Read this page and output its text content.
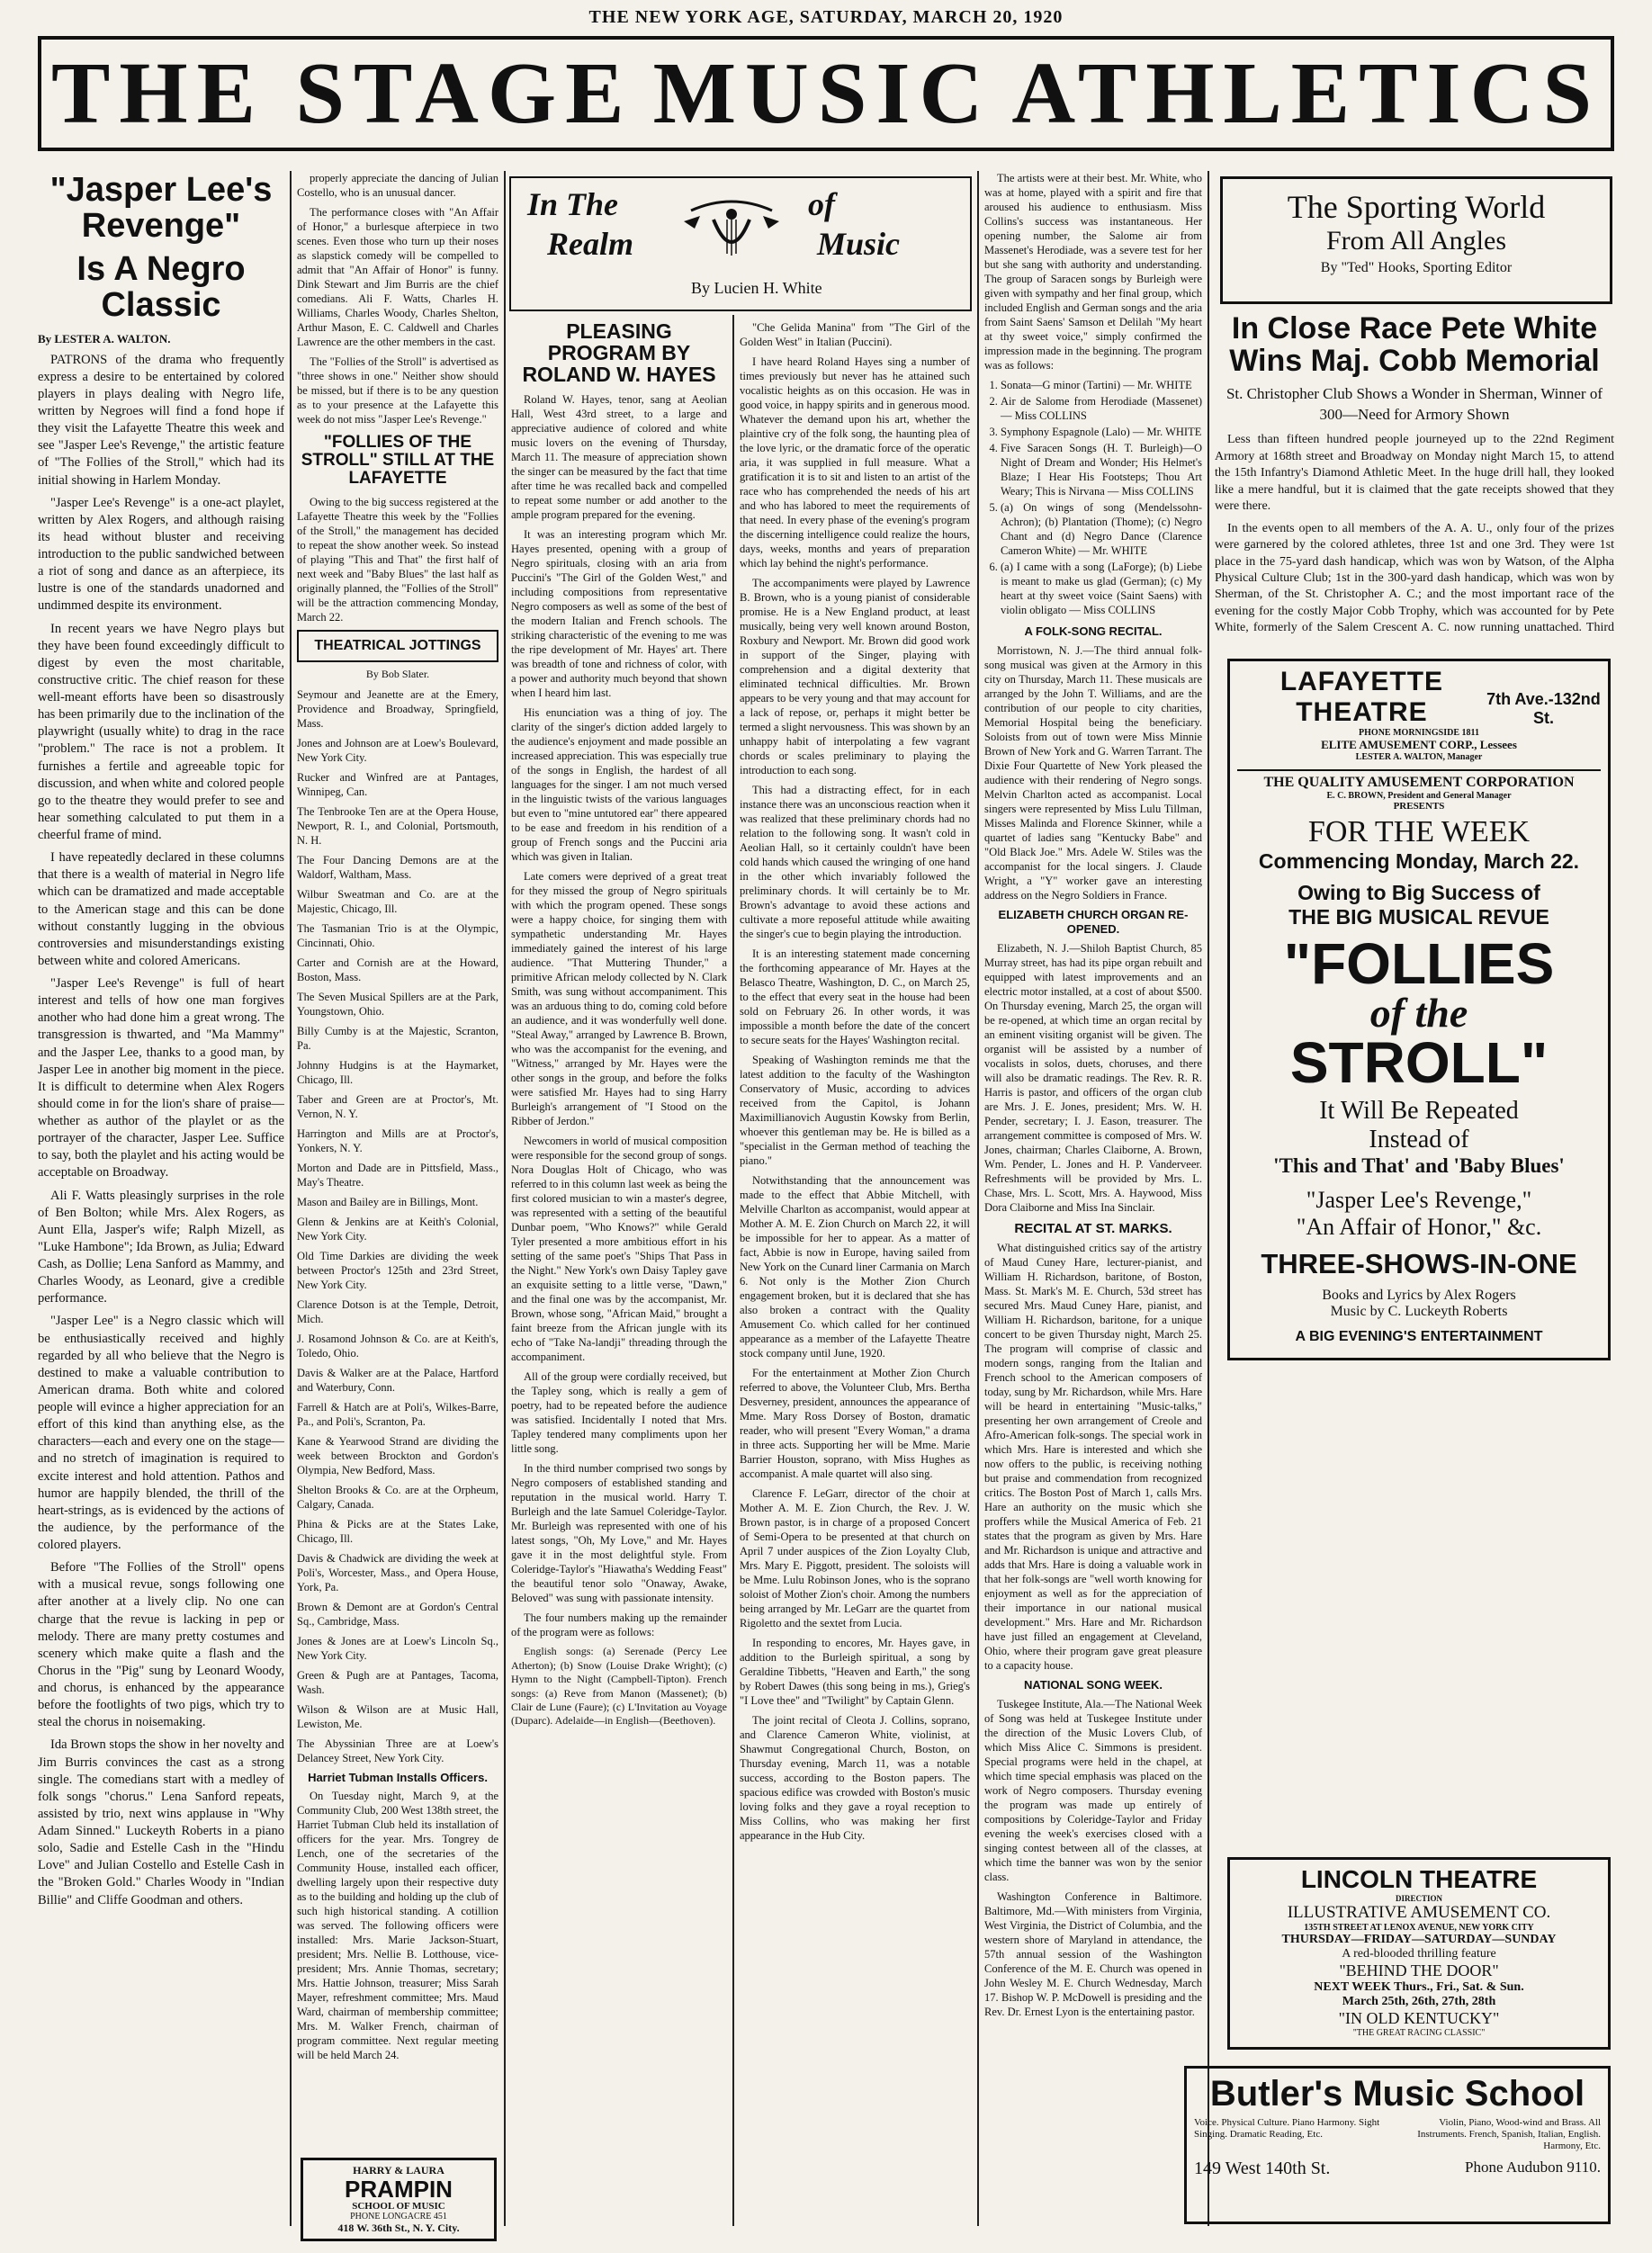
THE NEW YORK AGE, SATURDAY, MARCH 20, 1920
THE STAGE MUSIC ATHLETICS
"Jasper Lee's Revenge"
Is A Negro Classic
By LESTER A. WALTON.

PATRONS of the drama who frequently express a desire to be entertained by colored players in plays dealing with Negro life, written by Negroes will find a fond hope if they visit the Lafayette Theatre this week and see "Jasper Lee's Revenge," the artistic feature of "The Follies of the Stroll," which had its initial showing in Harlem Monday.

"Jasper Lee's Revenge" is a one-act playlet, written by Alex Rogers, and although raising its head without bluster and receiving introduction to the public sandwiched between a riot of song and dance as an afterpiece, its lustre is one of the standards unadorned and undimmed despite its environment.

In recent years we have Negro plays but they have been found exceedingly difficult to digest by even the most charitable, constructive critic. The chief reason for these well-meant efforts have been so disastrously has been primarily due to the inclination of the playwright (usually white) to drag in the race "problem." The race is not a problem. It furnishes a fertile and agreeable topic for discussion, and when white and colored people go to the theatre they would prefer to see and hear something calculated to put them in a cheerful frame of mind.

I have repeatedly declared in these columns that there is a wealth of material in Negro life which can be dramatized and made acceptable to the American stage and this can be done without constantly lugging in the obvious controversies and misunderstandings existing between white and colored Americans.

"Jasper Lee's Revenge" is full of heart interest and tells of how one man forgives another who had done him a great wrong. The transgression is thwarted, and "Ma Mammy" and the Jasper Lee, thanks to a good man, by Jasper Lee in another big moment in the piece. It is difficult to determine when Alex Rogers should come in for the lion's share of praise—whether as author of the playlet or as the portrayer of the character, Jasper Lee. Suffice to say, both the playlet and his acting would be acceptable on Broadway.

Ali F. Watts pleasingly surprises in the role of Ben Bolton; while Mrs. Alex Rogers, as Aunt Ella, Jasper's wife; Ralph Mizell, as "Luke Hambone"; Ida Brown, as Julia; Edward Cash, as Dollie; Lena Sanford as Mammy, and Charles Woody, as Leonard, give a credible performance.

"Jasper Lee" is a Negro classic which will be enthusiastically received and highly regarded by all who believe that the Negro is destined to make a valuable contribution to American drama. Both white and colored people will evince a higher appreciation for an effort of this kind than anything else, as the characters—each and every one on the stage—and no stretch of imagination is required to excite interest and hold attention. Pathos and humor are happily blended, the thrill of the heart-strings, as is evidenced by the actions of the audience, by the performance of the colored players.

Before "The Follies of the Stroll" opens with a musical revue, songs following one after another at a lively clip. No one can charge that the revue is lacking in pep or melody. There are many pretty costumes and scenery which make quite a flash and the Chorus in the "Pig" sung by Leonard Woody, and chorus, is enhanced by the appearance before the footlights of two pigs, which try to steal the chorus in noisemaking.

Ida Brown stops the show in her novelty and Jim Burris convinces the cast as a strong single. The comedians start with a medley of folk songs "chorus." Lena Sanford repeats, assisted by trio, next wins applause in "Why Adam Sinned." Luckeyth Roberts in a piano solo, Sadie and Estelle Cash in the "Hindu Love" and Julian Costello and Estelle Cash in the "Broken Gold." Charles Woody in "Indian Billie" and Cliffe Goodman and others.

properly appreciate the dancing of Julian Costello, who is an unusual dancer.

The performance closes with "An Affair of Honor," a burlesque afterpiece in two scenes. Even those who turn up their noses as slapstick comedy will be compelled to admit that "An Affair of Honor" is funny. Dink Stewart and Jim Burris are the chief comedians. Ali F. Watts, Charles H. Williams, Charles Woody, Charles Shelton, Arthur Mason, E. C. Caldwell and Charles Lawrence are the other members in the cast.

The "Follies of the Stroll" is advertised as "three shows in one." Neither show should be missed, but if there is to be any question as to your presence at the Lafayette this week do not miss "Jasper Lee's Revenge."

"FOLLIES OF THE STROLL" STILL AT THE LAFAYETTE

Owing to the big success registered at the Lafayette Theatre this week by the "Follies of the Stroll," the management has decided to repeat the show another week. So instead of playing "This and That" the first half of next week and "Baby Blues" the last half as originally planned, the "Follies of the Stroll" will be the attraction commencing Monday, March 22.

THEATRICAL JOTTINGS
By Bob Slater.

Seymour and Jeanette are at the Emery, Providence and Broadway, Springfield, Mass.

Jones and Johnson are at Loew's Boulevard, New York City.

Rucker and Winfred are at Pantages, Winnipeg, Can.

The Tenbrooke Ten are at the Opera House, Newport, R. I., and Colonial, Portsmouth, N. H.

The Four Dancing Demons are at the Waldorf, Waltham, Mass.

Wilbur Sweatman and Co. are at the Majestic, Chicago, Ill.

The Tasmanian Trio is at the Olympic, Cincinnati, Ohio.

Carter and Cornish are at the Howard, Boston, Mass.

The Seven Musical Spillers are at the Park, Youngstown, Ohio.

Billy Cumby is at the Majestic, Scranton, Pa.

Johnny Hudgins is at the Haymarket, Chicago, Ill.

Taber and Green are at Proctor's, Mt. Vernon, N. Y.

Harrington and Mills are at Proctor's, Yonkers, N. Y.

Morton and Dade are in Pittsfield, Mass., May's Theatre.

Mason and Bailey are in Billings, Mont.

Glenn & Jenkins are at Keith's Colonial, New York City.

Old Time Darkies are dividing the week between Proctor's 125th and 23rd Street, New York City.

Clarence Dotson is at the Temple, Detroit, Mich.

J. Rosamond Johnson & Co. are at Keith's, Toledo, Ohio.

Davis & Walker are at the Palace, Hartford and Waterbury, Conn.

Farrell & Hatch are at Poli's, Wilkes-Barre, Pa., and Poli's, Scranton, Pa.

Kane & Yearwood Strand are dividing the week between Brockton and Gordon's Olympia, New Bedford, Mass.

Shelton Brooks & Co. are at the Orpheum, Calgary, Canada.

Phina & Picks are at the States Lake, Chicago, Ill.

Davis & Chadwick are dividing the week at Poli's, Worcester, Mass., and Opera House, York, Pa.

Brown & Demont are at Gordon's Central Sq., Cambridge, Mass.

Jones & Jones are at Loew's Lincoln Sq., New York City.

Green & Pugh are at Pantages, Tacoma, Wash.

Wilson & Wilson are at Music Hall, Lewiston, Me.

The Abyssinian Three are at Loew's Delancey Street, New York City.

Harriet Tubman Installs Officers.

On Tuesday night, March 9, at the Community Club, 200 West 138th street, the Harriet Tubman Club held its installation of officers for the year. Mrs. Tongrey de Lench, one of the secretaries of the Community House, installed each officer, dwelling largely upon their respective duty as to the building and holding up the club of such high historical standing. A cotillion was served. The following officers were installed: Mrs. Marie Jackson-Stuart, president; Mrs. Nellie B. Lotthouse, vice-president; Mrs. Annie Thomas, secretary; Mrs. Hattie Johnson, treasurer; Miss Sarah Mayer, refreshment committee; Mrs. Maud Ward, chairman of membership committee; Mrs. M. Walker French, chairman of program committee. Next regular meeting will be held March 24.

HARRY & LAURA
PRAMPIN
SCHOOL OF MUSIC
PHONE LONGACRE 451
418 W. 36th St., N. Y. City.
In The
Realm
of
Music
By Lucien H. White
PLEASING PROGRAM BY ROLAND W. HAYES

Roland W. Hayes, tenor, sang at Aeolian Hall, West 43rd street, to a large and appreciative audience of colored and white music lovers on the evening of Thursday, March 11. The measure of appreciation shown the singer can be measured by the fact that time after time he was recalled back and compelled to repeat some number or add another to the ample program prepared for the evening.

It was an interesting program which Mr. Hayes presented, opening with a group of Negro spirituals, closing with an aria from Puccini's "The Girl of the Golden West," and including compositions from representative Negro composers as well as some of the best of the modern Italian and French schools. The striking characteristic of the evening to me was the ripe development of Mr. Hayes' art. There was breadth of tone and richness of color, with a power and authority much beyond that shown when I heard him last.

His enunciation was a thing of joy. The clarity of the singer's diction added largely to the audience's enjoyment and made possible an increased appreciation. This was especially true of the songs in English, the hardest of all languages for the singer. I am not much versed in the linguistic twists of the various languages but even to "mine untutored ear" there appeared to be ease and freedom in his rendition of a group of French songs and the Puccini aria which was given in Italian.

Late comers were deprived of a great treat for they missed the group of Negro spirituals with which the program opened. These songs were a happy choice, for singing them with sympathetic understanding Mr. Hayes immediately gained the interest of his large audience. "That Muttering Thunder," a primitive African melody collected by N. Clark Smith, was sung without accompaniment. This was an arduous thing to do, coming cold before an audience, and it was wonderfully well done. "Steal Away," arranged by Lawrence B. Brown, who was the accompanist for the evening, and "Witness," arranged by Mr. Hayes were the other songs in the group, and before the folks were satisfied Mr. Hayes had to sing Harry Burleigh's arrangement of "I Stood on the Ribber of Jerdon."

Newcomers in world of musical composition were responsible for the second group of songs. Nora Douglas Holt of Chicago, who was referred to in this column last week as being the first colored musician to win a master's degree, was represented with a setting of the beautiful Dunbar poem, "Who Knows?" while Gerald Tyler presented a more ambitious effort in his setting of the same poet's "Ships That Pass in the Night." New York's own Daisy Tapley gave an exquisite setting to a little verse, "Dawn," and the final one was by the accompanist, Mr. Brown, whose song, "African Maid," brought a faint breeze from the African jungle with its echo of "Take Na-landji" threading through the accompaniment.

All of the group were cordially received, but the Tapley song, which is really a gem of poetry, had to be repeated before the audience was satisfied. Incidentally I noted that Mrs. Tapley tendered many compliments upon her little song.

In the third number comprised two songs by Negro composers of established standing and reputation in the musical world. Harry T. Burleigh and the late Samuel Coleridge-Taylor. Mr. Burleigh was represented with one of his latest songs, "Oh, My Love," and Mr. Hayes gave it in the most delightful style. From Coleridge-Taylor's "Hiawatha's Wedding Feast" the beautiful tenor solo "Onaway, Awake, Beloved" was sung with passionate intensity.

The four numbers making up the remainder of the program were as follows:

English songs: (a) Serenade (Percy Lee Atherton); (b) Snow (Louise Drake Wright); (c) Hymn to the Night (Campbell-Tipton). French songs: (a) Reve from Manon (Massenet); (b) Clair de Lune (Faure); (c) L'Invitation au Voyage (Duparc). Adelaide—in English—(Beethoven).

"Che Gelida Manina" from "The Girl of the Golden West" in Italian (Puccini).

I have heard Roland Hayes sing a number of times previously but never has he attained such vocalistic heights as on this occasion. He was in good voice, in happy spirits and in generous mood. Whatever the demand upon his art, whether the plaintive cry of the folk song, the haunting plea of the love lyric, or the dramatic force of the operatic aria, it was supplied in full measure. What a gratification it is to sit and listen to an artist of the race who has comprehended the needs of his art and who has labored to meet the requirements of that need. In every phase of the evening's program the discerning intelligence could realize the hours, days, weeks, months and years of preparation which lay behind the night's performance.

The accompaniments were played by Lawrence B. Brown, who is a young pianist of considerable promise. He is a New England product, at least musically, being very well known around Boston, Roxbury and Newport. Mr. Brown did good work in support of the Singer, playing with comprehension and a digital dexterity that eliminated technical difficulties. Mr. Brown appears to be very young and that may account for a lack of repose, or, perhaps it might better be termed a slight nervousness. This was shown by an unhappy habit of interpolating a few vagrant chords or scales preliminary to playing the introduction to each song.

This had a distracting effect, for in each instance there was an unconscious reaction when it was realized that these preliminary chords had no relation to the following song. It wasn't cold in Aeolian Hall, so it certainly couldn't have been cold hands which caused the wringing of one hand in the other which invariably followed the preliminary chords. It will certainly be to Mr. Brown's advantage to avoid these actions and cultivate a more reposeful attitude while awaiting the singer's cue to begin playing the introduction.

It is an interesting statement made concerning the forthcoming appearance of Mr. Hayes at the Belasco Theatre, Washington, D. C., on March 25, to the effect that every seat in the house had been sold on February 26. In other words, it was impossible a month before the date of the concert to secure seats for the Hayes' Washington recital.

Speaking of Washington reminds me that the latest addition to the faculty of the Washington Conservatory of Music, according to advices received from the Capitol, is Johann Maximillianovich Augustin Kowsky from Berlin, whoever this gentleman may be. He is billed as a "specialist in the German method of teaching the piano."

Notwithstanding that the announcement was made to the effect that Abbie Mitchell, with Melville Charlton as accompanist, would appear at Mother A. M. E. Zion Church on March 22, it will be impossible for her to appear. As a matter of fact, Abbie is now in Europe, having sailed from New York on the Cunard liner Carmania on March 6. Not only is the Mother Zion Church engagement broken, but it is declared that she has also broken a contract with the Quality Amusement Co. which called for her continued appearance as a member of the Lafayette Theatre stock company until June, 1920.

For the entertainment at Mother Zion Church referred to above, the Volunteer Club, Mrs. Bertha Desverney, president, announces the appearance of Mme. Mary Ross Dorsey of Boston, dramatic reader, who will present "Every Woman," a drama in three acts. Supporting her will be Mme. Marie Barrier Houston, soprano, with Miss Hughes as accompanist. A male quartet will also sing.

Clarence F. LeGarr, director of the choir at Mother A. M. E. Zion Church, the Rev. J. W. Brown pastor, is in charge of a proposed Concert of Semi-Opera to be presented at that church on April 7 under auspices of the Zion Loyalty Club, Mrs. Mary E. Piggott, president. The soloists will be Mme. Lulu Robinson Jones, who is the soprano soloist of Mother Zion's choir. Among the numbers being arranged by Mr. LeGarr are the quartet from Rigoletto and the sextet from Lucia.

In responding to encores, Mr. Hayes gave, in addition to the Burleigh spiritual, a song by Geraldine Tibbetts, "Heaven and Earth," the song by Robert Dawes (this song being in ms.), Grieg's "I Love thee" and "Twilight" by Captain Glenn.

The joint recital of Cleota J. Collins, soprano, and Clarence Cameron White, violinist, at Shawmut Congregational Church, Boston, on Thursday evening, March 11, was a notable success, according to the Boston papers. The spacious edifice was crowded with Boston's music loving folks and they gave a royal reception to Miss Collins, who was making her first appearance in the Hub City.

The artists were at their best. Mr. White, who was at home, played with a spirit and fire that aroused his audience to enthusiasm. Miss Collins's success was instantaneous. Her opening number, the Salome air from Massenet's Herodiade, was a severe test for her but she sang with authority and understanding. The group of Saracen songs by Burleigh were given with sympathy and her final group, which included English and German songs and the aria from Saint Saens' Samson et Delilah "My heart at thy sweet voice," simply confirmed the impression made in the beginning. The program was as follows:

1. Sonata—G minor (Tartini) — Mr. WHITE
2. Air de Salome from Herodiade (Massenet) — Miss COLLINS
3. Symphony Espagnole (Lalo) — Mr. WHITE
4. Five Saracen Songs (H. T. Burleigh)—O Night of Dream and Wonder; His Helmet's Blaze; I Hear His Footsteps; Thou Art Weary; This is Nirvana — Miss COLLINS
5. (a) On wings of song (Mendelssohn-Achron); (b) Plantation (Thome); (c) Negro Chant and (d) Negro Dance (Clarence Cameron White) — Mr. WHITE
6. (a) I came with a song (LaForge); (b) Liebe is meant to make us glad (German); (c) My heart at thy sweet voice (Saint Saens) with violin obligato — Miss COLLINS
A FOLK-SONG RECITAL.

Morristown, N. J.—The third annual folk-song musical was given at the Armory in this city on Thursday, March 11. These musicals are arranged by the John T. Williams, and are the contribution of our people to city charities, Memorial Hospital being the beneficiary. Soloists from out of town were Miss Minnie Brown of New York and G. Warren Tarrant. The Dixie Four Quartette of New York pleased the audience with their rendering of Negro songs. Melvin Charlton acted as accompanist. Local singers were represented by Miss Lulu Tillman, Misses Malinda and Florence Skinner, while a quartet of ladies sang "Kentucky Babe" and "Old Black Joe." Mrs. Adele W. Stiles was the accompanist for the local singers. J. Claude Wright, a "Y" worker gave an interesting address on the Negro Soldiers in France.

ELIZABETH CHURCH ORGAN RE-OPENED.

Elizabeth, N. J.—Shiloh Baptist Church, 85 Murray street, has had its pipe organ rebuilt and equipped with latest improvements and an electric motor installed, at a cost of about $500. On Thursday evening, March 25, the organ will be re-opened, at which time an organ recital by an eminent visiting organist will be given. The organist will be assisted by a number of vocalists in solos, duets, choruses, and there will also be dramatic readings. The Rev. R. R. Harris is pastor, and officers of the organ club are Mrs. J. E. Jones, president; Mrs. W. H. Pender, secretary; I. J. Eason, treasurer. The arrangement committee is composed of Mrs. W. Jones, chairman; Charles Claiborne, A. Brown, Wm. Pender, L. Jones and H. P. Vanderveer. Refreshments will be provided by Mrs. L. Chase, Mrs. L. Scott, Mrs. A. Haywood, Miss Dora Claiborne and Miss Ina Sinclair.

RECITAL AT ST. MARKS.

What distinguished critics say of the artistry of Maud Cuney Hare, lecturer-pianist, and William H. Richardson, baritone, of Boston, Mass. St. Mark's M. E. Church, 53d street has secured Mrs. Maud Cuney Hare, pianist, and William H. Richardson, baritone, for a unique concert to be given Thursday night, March 25. The program will comprise of classic and modern songs, ranging from the Italian and French school to the American composers of today, sung by Mr. Richardson, while Mrs. Hare will be heard in entertaining "Music-talks," presenting her own arrangement of Creole and Afro-American folk-songs. The special work in which Mrs. Hare is interested and which she now offers to the public, is receiving nothing but praise and commendation from recognized critics. The Boston Post of March 1, calls Mrs. Hare an authority on the music which she proffers while the Musical America of Feb. 21 states that the program as given by Mrs. Hare and Mr. Richardson is unique and attractive and adds that Mrs. Hare is doing a valuable work in that her folk-songs are "well worth knowing for enjoyment as well as for the appreciation of their importance in our national musical development." Mrs. Hare and Mr. Richardson have just filled an engagement at Cleveland, Ohio, where their program gave great pleasure to a capacity house.

NATIONAL SONG WEEK.

Tuskegee Institute, Ala.—The National Week of Song was held at Tuskegee Institute under the direction of the Music Lovers Club, of which Miss Alice C. Simmons is president. Special programs were held in the chapel, at which time special emphasis was placed on the work of Negro composers. Thursday evening the program was made up entirely of compositions by Coleridge-Taylor and Friday evening the week's exercises closed with a singing contest between all of the classes, at which time the banner was won by the senior class.

Washington Conference in Baltimore. Baltimore, Md.—With ministers from Virginia, West Virginia, the District of Columbia, and the western shore of Maryland in attendance, the 57th annual session of the Washington Conference of the M. E. Church was opened in John Wesley M. E. Church Wednesday, March 17. Bishop W. P. McDowell is presiding and the Rev. Dr. Ernest Lyon is the entertaining pastor.

The Sporting World
From All Angles
By "Ted" Hooks, Sporting Editor
In Close Race Pete White Wins Maj. Cobb Memorial
St. Christopher Club Shows a Wonder in Sherman, Winner of 300—Need for Armory Shown

Less than fifteen hundred people journeyed up to the 22nd Regiment Armory at 168th street and Broadway on Monday night March 15, to attend the 15th Infantry's Diamond Athletic Meet. In the huge drill hall, they looked like a mere handful, but it is claimed that the gate receipts showed that they were there.

In the events open to all members of the A. A. U., only four of the prizes were garnered by the colored athletes, three 1st and one 3rd. They were 1st place in the 75-yard dash handicap, which was won by Watson, of the Alpha Physical Culture Club; 1st in the 300-yard dash handicap, which was won by Sherman, of the St. Christopher A. C.; and the most important race of the evening for the costly Major Cobb Trophy, which was accounted for by Pete White, formerly of the Salem Crescent A. C. now running unattached. Third

LAFAYETTE THEATRE	7th Ave.-132nd St.
PHONE MORNINGSIDE 1811
ELITE AMUSEMENT CORP., Lessees
LESTER A. WALTON, Manager
THE QUALITY AMUSEMENT CORPORATION
E. C. BROWN, President and General Manager
PRESENTS
FOR THE WEEK
Commencing Monday, March 22.
Owing to Big Success of
THE BIG MUSICAL REVUE
"FOLLIES
of the
STROLL"
It Will Be Repeated
Instead of
'This and That' and 'Baby Blues'
"Jasper Lee's Revenge,"
"An Affair of Honor," &c.
THREE-SHOWS-IN-ONE
Books and Lyrics by Alex Rogers
Music by C. Luckeyth Roberts
A BIG EVENING'S ENTERTAINMENT
LINCOLN THEATRE
DIRECTION
ILLUSTRATIVE AMUSEMENT CO.
135TH STREET AT LENOX AVENUE, NEW YORK CITY
THURSDAY—FRIDAY—SATURDAY—SUNDAY
A red-blooded thrilling feature
"BEHIND THE DOOR"
NEXT WEEK Thurs., Fri., Sat. & Sun.
March 25th, 26th, 27th, 28th
"IN OLD KENTUCKY"
"THE GREAT RACING CLASSIC"
Butler's Music School
Voice. Physical Culture. Piano Harmony. Sight Singing. Dramatic Reading, Etc.
Violin, Piano, Wood-wind and Brass. All Instruments. French, Spanish, Italian, English. Harmony, Etc.
149 West 140th St.	Phone Audubon 9110.
